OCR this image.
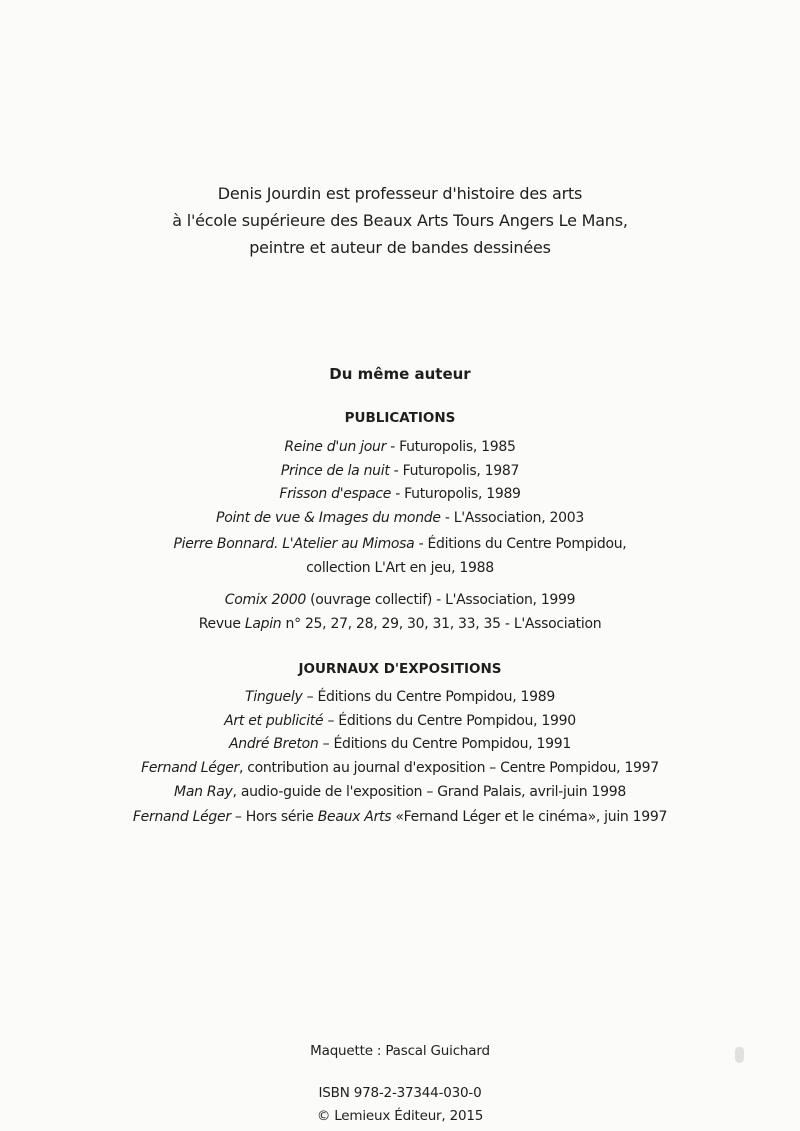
Denis Jourdin est professeur d'histoire des arts
à l'école supérieure des Beaux Arts Tours Angers Le Mans,
peintre et auteur de bandes dessinées
Du même auteur
PUBLICATIONS
Reine d'un jour - Futuropolis, 1985
Prince de la nuit - Futuropolis, 1987
Frisson d'espace - Futuropolis, 1989
Point de vue & Images du monde - L'Association, 2003
Pierre Bonnard. L'Atelier au Mimosa - Éditions du Centre Pompidou,
collection L'Art en jeu, 1988
Comix 2000 (ouvrage collectif) - L'Association, 1999
Revue Lapin n° 25, 27, 28, 29, 30, 31, 33, 35 - L'Association
JOURNAUX D'EXPOSITIONS
Tinguely – Éditions du Centre Pompidou, 1989
Art et publicité – Éditions du Centre Pompidou, 1990
André Breton – Éditions du Centre Pompidou, 1991
Fernand Léger, contribution au journal d'exposition – Centre Pompidou, 1997
Man Ray, audio-guide de l'exposition – Grand Palais, avril-juin 1998
Fernand Léger – Hors série Beaux Arts «Fernand Léger et le cinéma», juin 1997
Maquette : Pascal Guichard
ISBN 978-2-37344-030-0
© Lemieux Éditeur, 2015
